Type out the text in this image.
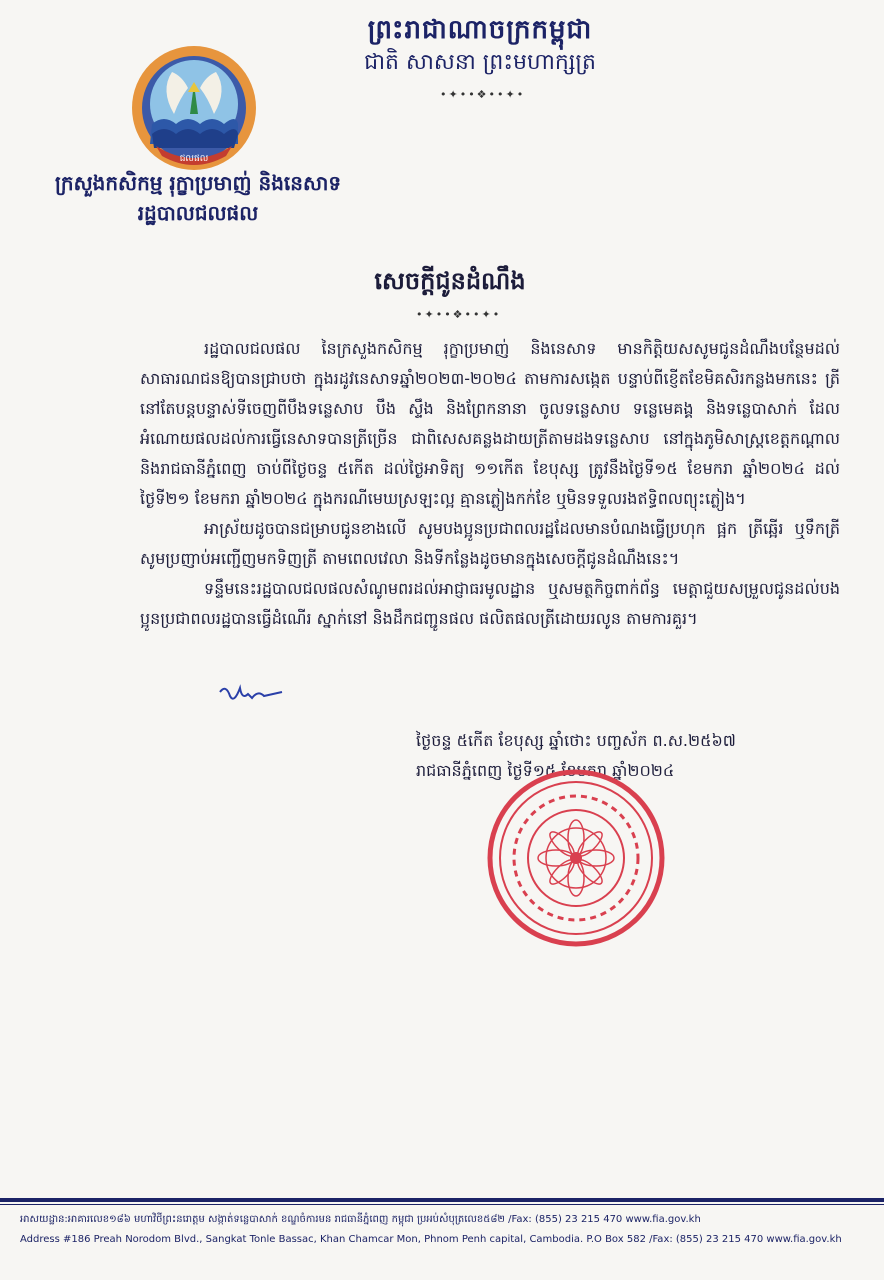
ព្រះរាជាណាចក្រកម្ពុជា
ជាតិ សាសនា ព្រះមហាក្សត្រ
•✦••❖••✦•
ជលផល
ក្រសួងកសិកម្ម រុក្ខាប្រមាញ់ និងនេសាទ
រដ្ឋបាលជលផល
សេចក្តីជូនដំណឹង
•✦••❖••✦•

រដ្ឋបាលជលផល នៃក្រសួងកសិកម្ម រុក្ខាប្រមាញ់ និងនេសាទ មានកិត្តិយសសូមជូនដំណឹងបន្ថែមដល់សាធារណជនឱ្យបានជ្រាបថា ក្នុងរដូវនេសាទឆ្នាំ២០២៣-២០២៤ តាមការសង្កេត បន្ទាប់ពីខ្ញើតខែមិគសិរកន្លងមកនេះ ត្រីនៅតែបន្តបន្ទាស់ទីចេញពីបឹងទន្លេសាប បឹង ស្ទឹង និងព្រែកនានា ចូលទន្លេសាប ទន្លេមេគង្គ និងទន្លេបាសាក់ ដែលអំណោយផលដល់ការធ្វើនេសាទបានត្រីច្រើន ជាពិសេសគន្លងដាយត្រីតាមដងទន្លេសាប នៅក្នុងភូមិសាស្ត្រខេត្តកណ្តាល និងរាជធានីភ្នំពេញ ចាប់ពីថ្ងៃចន្ទ ៥កើត ដល់ថ្ងៃអាទិត្យ ១១កើត ខែបុស្ស ត្រូវនឹងថ្ងៃទី១៥ ខែមករា ឆ្នាំ២០២៤ ដល់ថ្ងៃទី២១ ខែមករា ឆ្នាំ២០២៤ ក្នុងករណីមេឃស្រឡះល្អ គ្មានភ្លៀងកក់ខែ ឬមិនទទួលរងឥទ្ធិពលព្យុះភ្លៀង។

អាស្រ័យដូចបានជម្រាបជូនខាងលើ សូមបងប្អូនប្រជាពលរដ្ឋដែលមានបំណងធ្វើប្រហុក ផ្អក ត្រីឆ្អើរ ឬទឹកត្រី សូមប្រញាប់អញ្ជើញមកទិញត្រី តាមពេលវេលា និងទីកន្លែងដូចមានក្នុងសេចក្តីជូនដំណឹងនេះ។

ទន្ទឹមនេះរដ្ឋបាលជលផលសំណូមពរដល់អាជ្ញាធរមូលដ្ឋាន ឬសមត្ថកិច្ចពាក់ព័ន្ធ មេត្តាជួយសម្រួលជូនដល់បងប្អូនប្រជាពលរដ្ឋបានធ្វើដំណើរ ស្នាក់នៅ និងដឹកជញ្ជូនផល ផលិតផលត្រីដោយរលូន តាមការគួរ។

ថ្ងៃចន្ទ ៥កើត ខែបុស្ស ឆ្នាំថោះ បញ្ចស័ក ព.ស.២៥៦៧
រាជធានីភ្នំពេញ ថ្ងៃទី១៥ ខែមករា ឆ្នាំ២០២៤
អាសយដ្ឋាន:អាគារលេខ១៨៦ មហាវិថីព្រះនរោត្តម សង្កាត់ទន្លេបាសាក់ ខណ្ឌចំការមន រាជធានីភ្នំពេញ កម្ពុជា ប្រអប់សំបុត្រលេខ៥៨២ /Fax: (855) 23 215 470 www.fia.gov.kh
Address #186 Preah Norodom Blvd., Sangkat Tonle Bassac, Khan Chamcar Mon, Phnom Penh capital, Cambodia. P.O Box 582 /Fax: (855) 23 215 470 www.fia.gov.kh
